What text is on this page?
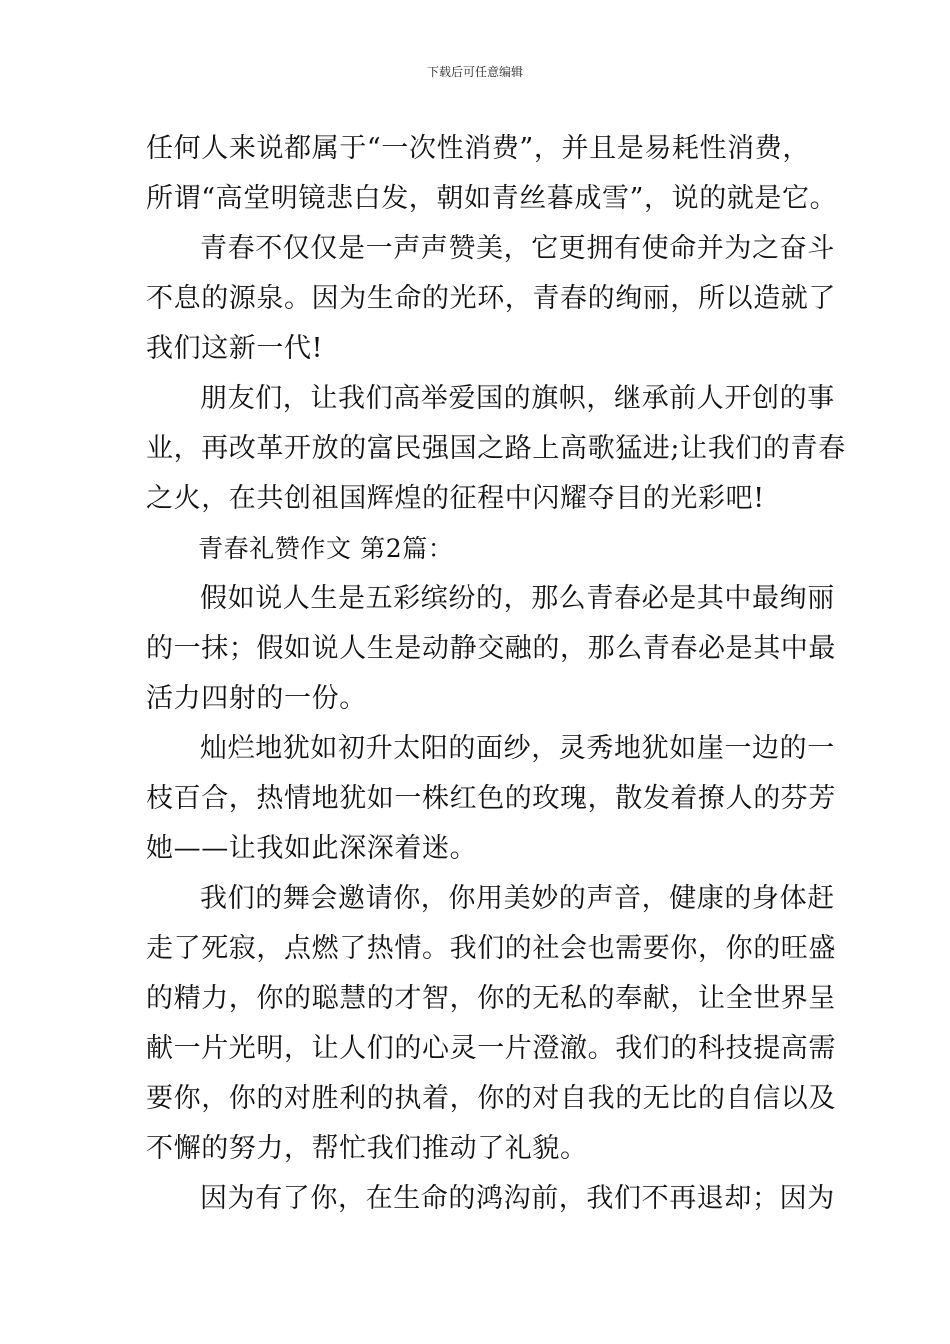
下载后可任意编辑
任何人来说都属于“一次性消费”，并且是易耗性消费，
所谓“高堂明镜悲白发，朝如青丝暮成雪”，说的就是它。
青春不仅仅是一声声赞美，它更拥有使命并为之奋斗
不息的源泉。因为生命的光环，青春的绚丽，所以造就了
我们这新一代!
朋友们，让我们高举爱国的旗帜，继承前人开创的事
业，再改革开放的富民强国之路上高歌猛进;让我们的青春
之火，在共创祖国辉煌的征程中闪耀夺目的光彩吧!
青春礼赞作文 第2篇：
假如说人生是五彩缤纷的，那么青春必是其中最绚丽
的一抹；假如说人生是动静交融的，那么青春必是其中最
活力四射的一份。
灿烂地犹如初升太阳的面纱，灵秀地犹如崖一边的一
枝百合，热情地犹如一株红色的玫瑰，散发着撩人的芬芳
她——让我如此深深着迷。
我们的舞会邀请你，你用美妙的声音，健康的身体赶
走了死寂，点燃了热情。我们的社会也需要你，你的旺盛
的精力，你的聪慧的才智，你的无私的奉献，让全世界呈
献一片光明，让人们的心灵一片澄澈。我们的科技提高需
要你，你的对胜利的执着，你的对自我的无比的自信以及
不懈的努力，帮忙我们推动了礼貌。
因为有了你，在生命的鸿沟前，我们不再退却；因为
